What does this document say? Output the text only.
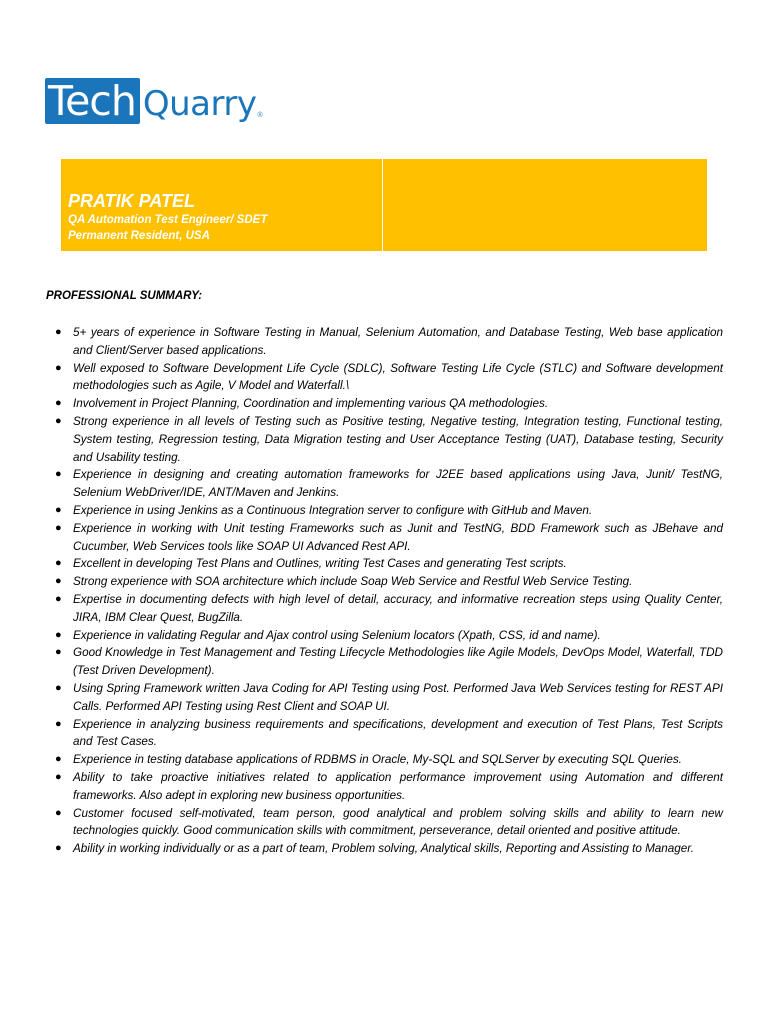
Tech Quarry ®

PRATIK PATEL

QA Automation Test Engineer/ SDET

Permanent Resident, USA

PROFESSIONAL SUMMARY:

● 5+ years of experience in Software Testing in Manual, Selenium Automation, and Database Testing, Web base application and Client/Server based applications.
● Well exposed to Software Development Life Cycle (SDLC), Software Testing Life Cycle (STLC) and Software development methodologies such as Agile, V Model and Waterfall.\
● Involvement in Project Planning, Coordination and implementing various QA methodologies.
● Strong experience in all levels of Testing such as Positive testing, Negative testing, Integration testing, Functional testing, System testing, Regression testing, Data Migration testing and User Acceptance Testing (UAT), Database testing, Security and Usability testing.
● Experience in designing and creating automation frameworks for J2EE based applications using Java, Junit/ TestNG, Selenium WebDriver/IDE, ANT/Maven and Jenkins.
● Experience in using Jenkins as a Continuous Integration server to configure with GitHub and Maven.
● Experience in working with Unit testing Frameworks such as Junit and TestNG, BDD Framework such as JBehave and Cucumber, Web Services tools like SOAP UI Advanced Rest API.
● Excellent in developing Test Plans and Outlines, writing Test Cases and generating Test scripts.
● Strong experience with SOA architecture which include Soap Web Service and Restful Web Service Testing.
● Expertise in documenting defects with high level of detail, accuracy, and informative recreation steps using Quality Center, JIRA, IBM Clear Quest, BugZilla.
● Experience in validating Regular and Ajax control using Selenium locators (Xpath, CSS, id and name).
● Good Knowledge in Test Management and Testing Lifecycle Methodologies like Agile Models, DevOps Model, Waterfall, TDD (Test Driven Development).
● Using Spring Framework written Java Coding for API Testing using Post. Performed Java Web Services testing for REST API Calls. Performed API Testing using Rest Client and SOAP UI.
● Experience in analyzing business requirements and specifications, development and execution of Test Plans, Test Scripts and Test Cases.
● Experience in testing database applications of RDBMS in Oracle, My-SQL and SQLServer by executing SQL Queries.
● Ability to take proactive initiatives related to application performance improvement using Automation and different frameworks. Also adept in exploring new business opportunities.
● Customer focused self-motivated, team person, good analytical and problem solving skills and ability to learn new technologies quickly. Good communication skills with commitment, perseverance, detail oriented and positive attitude.
● Ability in working individually or as a part of team, Problem solving, Analytical skills, Reporting and Assisting to Manager.
